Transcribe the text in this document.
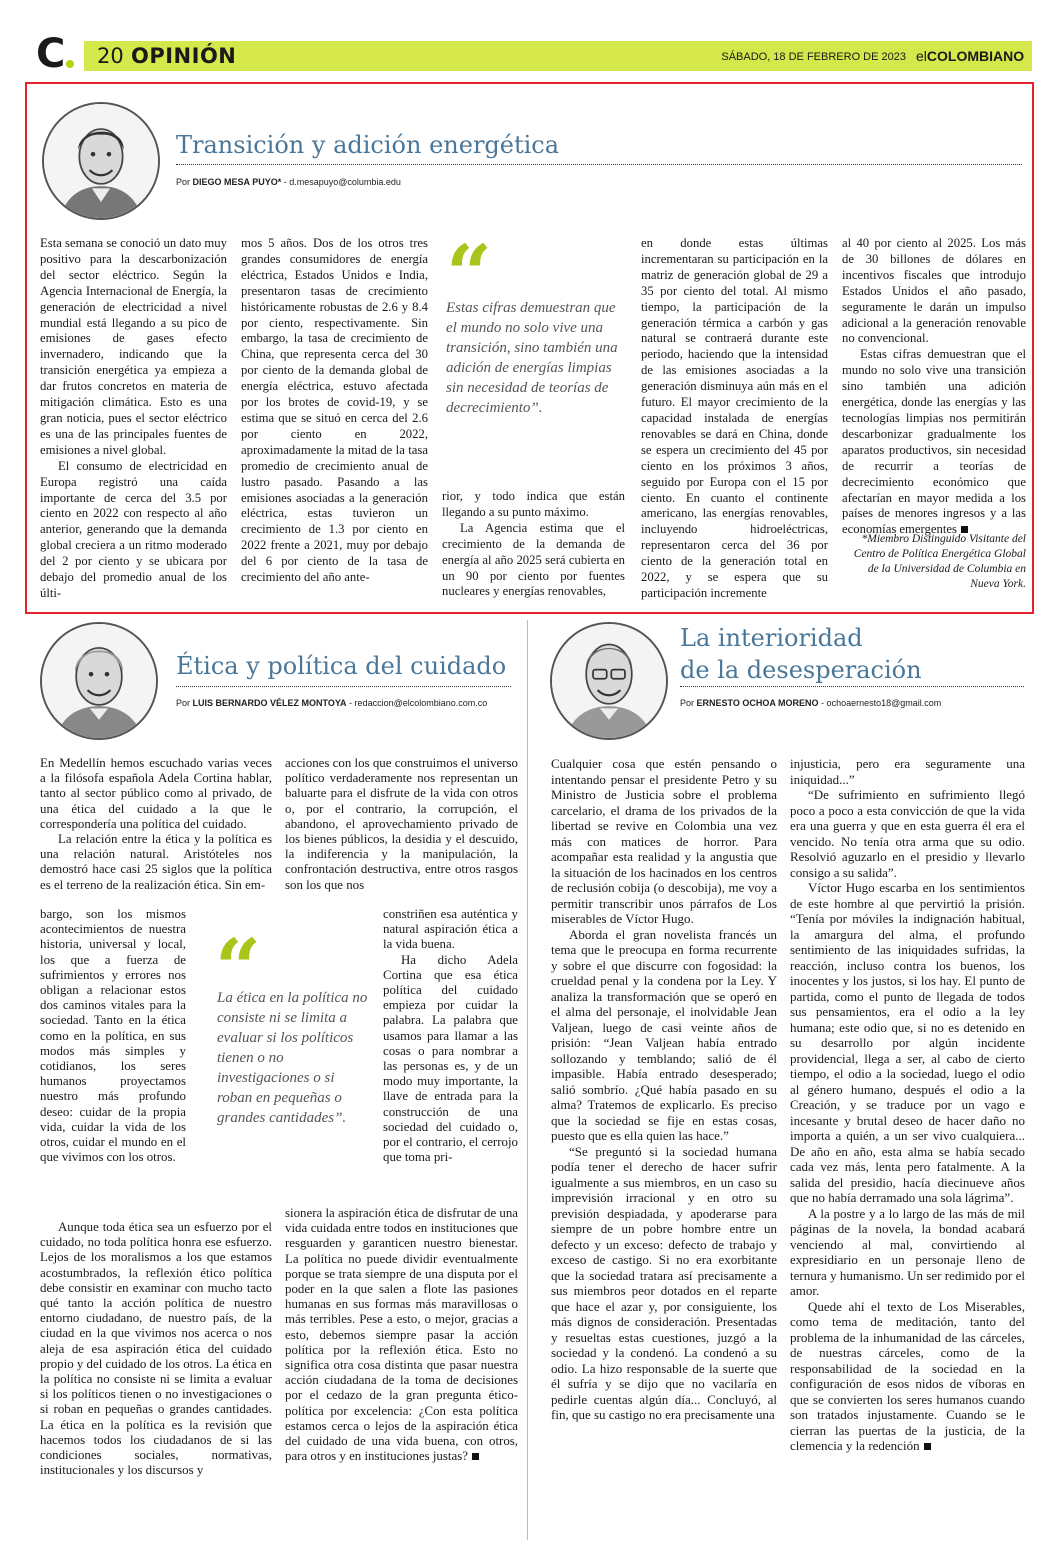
C 20 OPINIÓN	SÁBADO, 18 DE FEBRERO DE 2023 elCOLOMBIANO
Transición y adición energética
Por DIEGO MESA PUYO* - d.mesapuyo@columbia.edu

Esta semana se conoció un dato muy positivo para la descarbonización del sector eléctrico. Según la Agencia Internacional de Energía, la generación de electricidad a nivel mundial está llegando a su pico de emisiones de gases efecto invernadero, indicando que la transición energética ya empieza a dar frutos concretos en materia de mitigación climática. Esto es una gran noticia, pues el sector eléctrico es una de las principales fuentes de emisiones a nivel global.

El consumo de electricidad en Europa registró una caída importante de cerca del 3.5 por ciento en 2022 con respecto al año anterior, generando que la demanda global creciera a un ritmo moderado del 2 por ciento y se ubicara por debajo del promedio anual de los últi-

mos 5 años. Dos de los otros tres grandes consumidores de energía eléctrica, Estados Unidos e India, presentaron tasas de crecimiento históricamente robustas de 2.6 y 8.4 por ciento, respectivamente. Sin embargo, la tasa de crecimiento de China, que representa cerca del 30 por ciento de la demanda global de energía eléctrica, estuvo afectada por los brotes de covid-19, y se estima que se situó en cerca del 2.6 por ciento en 2022, aproximadamente la mitad de la tasa promedio de crecimiento anual de lustro pasado. Pasando a las emisiones asociadas a la generación eléctrica, estas tuvieron un crecimiento de 1.3 por ciento en 2022 frente a 2021, muy por debajo del 6 por ciento de la tasa de crecimiento del año ante-

“
Estas cifras demuestran que el mundo no solo vive una transición, sino también una adición de energías limpias sin necesidad de teorías de decrecimiento”.

rior, y todo indica que están llegando a su punto máximo.

La Agencia estima que el crecimiento de la demanda de energía al año 2025 será cubierta en un 90 por ciento por fuentes nucleares y energías renovables,

en donde estas últimas incrementaran su participación en la matriz de generación global de 29 a 35 por ciento del total. Al mismo tiempo, la participación de la generación térmica a carbón y gas natural se contraerá durante este periodo, haciendo que la intensidad de las emisiones asociadas a la generación disminuya aún más en el futuro. El mayor crecimiento de la capacidad instalada de energías renovables se dará en China, donde se espera un crecimiento del 45 por ciento en los próximos 3 años, seguido por Europa con el 15 por ciento. En cuanto el continente americano, las energías renovables, incluyendo hidroeléctricas, representaron cerca del 36 por ciento de la generación total en 2022, y se espera que su participación incremente

al 40 por ciento al 2025. Los más de 30 billones de dólares en incentivos fiscales que introdujo Estados Unidos el año pasado, seguramente le darán un impulso adicional a la generación renovable no convencional.

Estas cifras demuestran que el mundo no solo vive una transición sino también una adición energética, donde las energías y las tecnologías limpias nos permitirán descarbonizar gradualmente los aparatos productivos, sin necesidad de recurrir a teorías de decrecimiento económico que afectarían en mayor medida a los países de menores ingresos y a las economías emergentes

*Miembro Distinguido Visitante del Centro de Política Energética Global de la Universidad de Columbia en Nueva York.
Ética y política del cuidado
Por LUIS BERNARDO VÉLEZ MONTOYA - redaccion@elcolombiano.com.co

En Medellín hemos escuchado varias veces a la filósofa española Adela Cortina hablar, tanto al sector público como al privado, de una ética del cuidado a la que le correspondería una política del cuidado.

La relación entre la ética y la política es una relación natural. Aristóteles nos demostró hace casi 25 siglos que la política es el terreno de la realización ética. Sin em-

bargo, son los mismos acontecimientos de nuestra historia, universal y local, los que a fuerza de sufrimientos y errores nos obligan a relacionar estos dos caminos vitales para la sociedad. Tanto en la ética como en la política, en sus modos más simples y cotidianos, los seres humanos proyectamos nuestro más profundo deseo: cuidar de la propia vida, cuidar la vida de los otros, cuidar el mundo en el que vivimos con los otros.

“
La ética en la política no consiste ni se limita a evaluar si los políticos tienen o no investigaciones o si roban en pequeñas o grandes cantidades”.

Aunque toda ética sea un esfuerzo por el cuidado, no toda política honra ese esfuerzo. Lejos de los moralismos a los que estamos acostumbrados, la reflexión ético política debe consistir en examinar con mucho tacto qué tanto la acción política de nuestro entorno ciudadano, de nuestro país, de la ciudad en la que vivimos nos acerca o nos aleja de esa aspiración ética del cuidado propio y del cuidado de los otros. La ética en la política no consiste ni se limita a evaluar si los políticos tienen o no investigaciones o si roban en pequeñas o grandes cantidades. La ética en la política es la revisión que hacemos todos los ciudadanos de si las condiciones sociales, normativas, institucionales y los discursos y

acciones con los que construimos el universo político verdaderamente nos representan un baluarte para el disfrute de la vida con otros o, por el contrario, la corrupción, el abandono, el aprovechamiento privado de los bienes públicos, la desidia y el descuido, la indiferencia y la manipulación, la confrontación destructiva, entre otros rasgos son los que nos

constriñen esa auténtica y natural aspiración ética a la vida buena.

Ha dicho Adela Cortina que esa ética política del cuidado empieza por cuidar la palabra. La palabra que usamos para llamar a las cosas o para nombrar a las personas es, y de un modo muy importante, la llave de entrada para la construcción de una sociedad del cuidado o, por el contrario, el cerrojo que toma pri-

sionera la aspiración ética de disfrutar de una vida cuidada entre todos en instituciones que resguarden y garanticen nuestro bienestar. La política no puede dividir eventualmente porque se trata siempre de una disputa por el poder en la que salen a flote las pasiones humanas en sus formas más maravillosas o más terribles. Pese a esto, o mejor, gracias a esto, debemos siempre pasar la acción política por la reflexión ética. Esto no significa otra cosa distinta que pasar nuestra acción ciudadana de la toma de decisiones por el cedazo de la gran pregunta ético-política por excelencia: ¿Con esta política estamos cerca o lejos de la aspiración ética del cuidado de una vida buena, con otros, para otros y en instituciones justas?

La interioridad
de la desesperación
Por ERNESTO OCHOA MORENO - ochoaernesto18@gmail.com

Cualquier cosa que estén pensando o intentando pensar el presidente Petro y su Ministro de Justicia sobre el problema carcelario, el drama de los privados de la libertad se revive en Colombia una vez más con matices de horror. Para acompañar esta realidad y la angustia que la situación de los hacinados en los centros de reclusión cobija (o descobija), me voy a permitir transcribir unos párrafos de Los miserables de Víctor Hugo.

Aborda el gran novelista francés un tema que le preocupa en forma recurrente y sobre el que discurre con fogosidad: la crueldad penal y la condena por la Ley. Y analiza la transformación que se operó en el alma del personaje, el inolvidable Jean Valjean, luego de casi veinte años de prisión: “Jean Valjean había entrado sollozando y temblando; salió de él impasible. Había entrado desesperado; salió sombrío. ¿Qué había pasado en su alma? Tratemos de explicarlo. Es preciso que la sociedad se fije en estas cosas, puesto que es ella quien las hace.”

“Se preguntó si la sociedad humana podía tener el derecho de hacer sufrir igualmente a sus miembros, en un caso su imprevisión irracional y en otro su previsión despiadada, y apoderarse para siempre de un pobre hombre entre un defecto y un exceso: defecto de trabajo y exceso de castigo. Si no era exorbitante que la sociedad tratara así precisamente a sus miembros peor dotados en el reparte que hace el azar y, por consiguiente, los más dignos de consideración. Presentadas y resueltas estas cuestiones, juzgó a la sociedad y la condenó. La condenó a su odio. La hizo responsable de la suerte que él sufría y se dijo que no vacilaría en pedirle cuentas algún día... Concluyó, al fin, que su castigo no era precisamente una

injusticia, pero era seguramente una iniquidad...”

“De sufrimiento en sufrimiento llegó poco a poco a esta convicción de que la vida era una guerra y que en esta guerra él era el vencido. No tenía otra arma que su odio. Resolvió aguzarlo en el presidio y llevarlo consigo a su salida”.

Víctor Hugo escarba en los sentimientos de este hombre al que pervirtió la prisión. “Tenía por móviles la indignación habitual, la amargura del alma, el profundo sentimiento de las iniquidades sufridas, la reacción, incluso contra los buenos, los inocentes y los justos, si los hay. El punto de partida, como el punto de llegada de todos sus pensamientos, era el odio a la ley humana; este odio que, si no es detenido en su desarrollo por algún incidente providencial, llega a ser, al cabo de cierto tiempo, el odio a la sociedad, luego el odio al género humano, después el odio a la Creación, y se traduce por un vago e incesante y brutal deseo de hacer daño no importa a quién, a un ser vivo cualquiera... De año en año, esta alma se había secado cada vez más, lenta pero fatalmente. A la salida del presidio, hacía diecinueve años que no había derramado una sola lágrima”.

A la postre y a lo largo de las más de mil páginas de la novela, la bondad acabará venciendo al mal, convirtiendo al expresidiario en un personaje lleno de ternura y humanismo. Un ser redimido por el amor.

Quede ahí el texto de Los Miserables, como tema de meditación, tanto del problema de la inhumanidad de las cárceles, de nuestras cárceles, como de la responsabilidad de la sociedad en la configuración de esos nidos de víboras en que se convierten los seres humanos cuando son tratados injustamente. Cuando se le cierran las puertas de la justicia, de la clemencia y la redención
